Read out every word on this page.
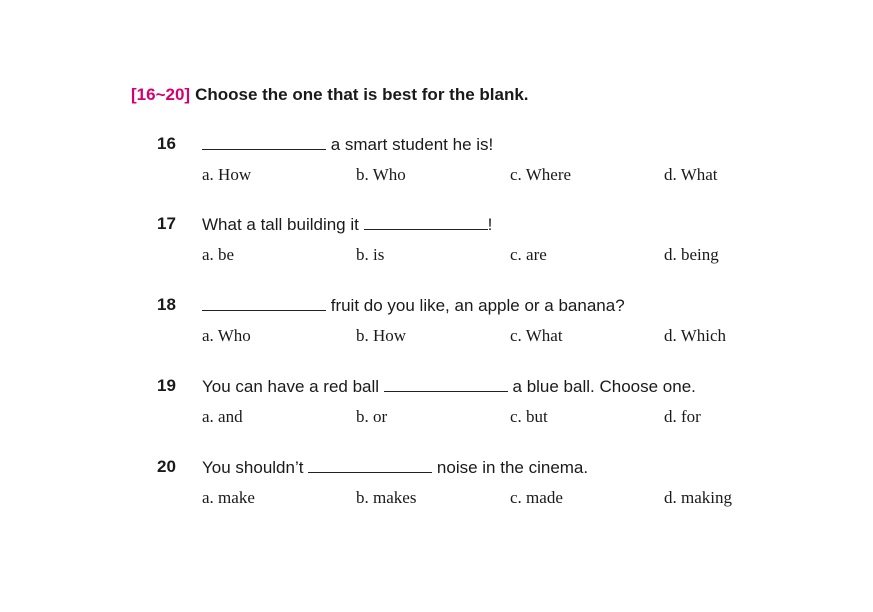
[16~20] Choose the one that is best for the blank.
16	a smart student he is!
a. How	b. Who	c. Where	d. What
17 What a tall building it	!
a. be	b. is	c. are	d. being
18	fruit do you like, an apple or a banana?
a. Who	b. How	c. What	d. Which
19 You can have a red ball	a blue ball. Choose one.
a. and	b. or	c. but	d. for
20 You shouldn’t	noise in the cinema.
a. make	b. makes	c. made	d. making
